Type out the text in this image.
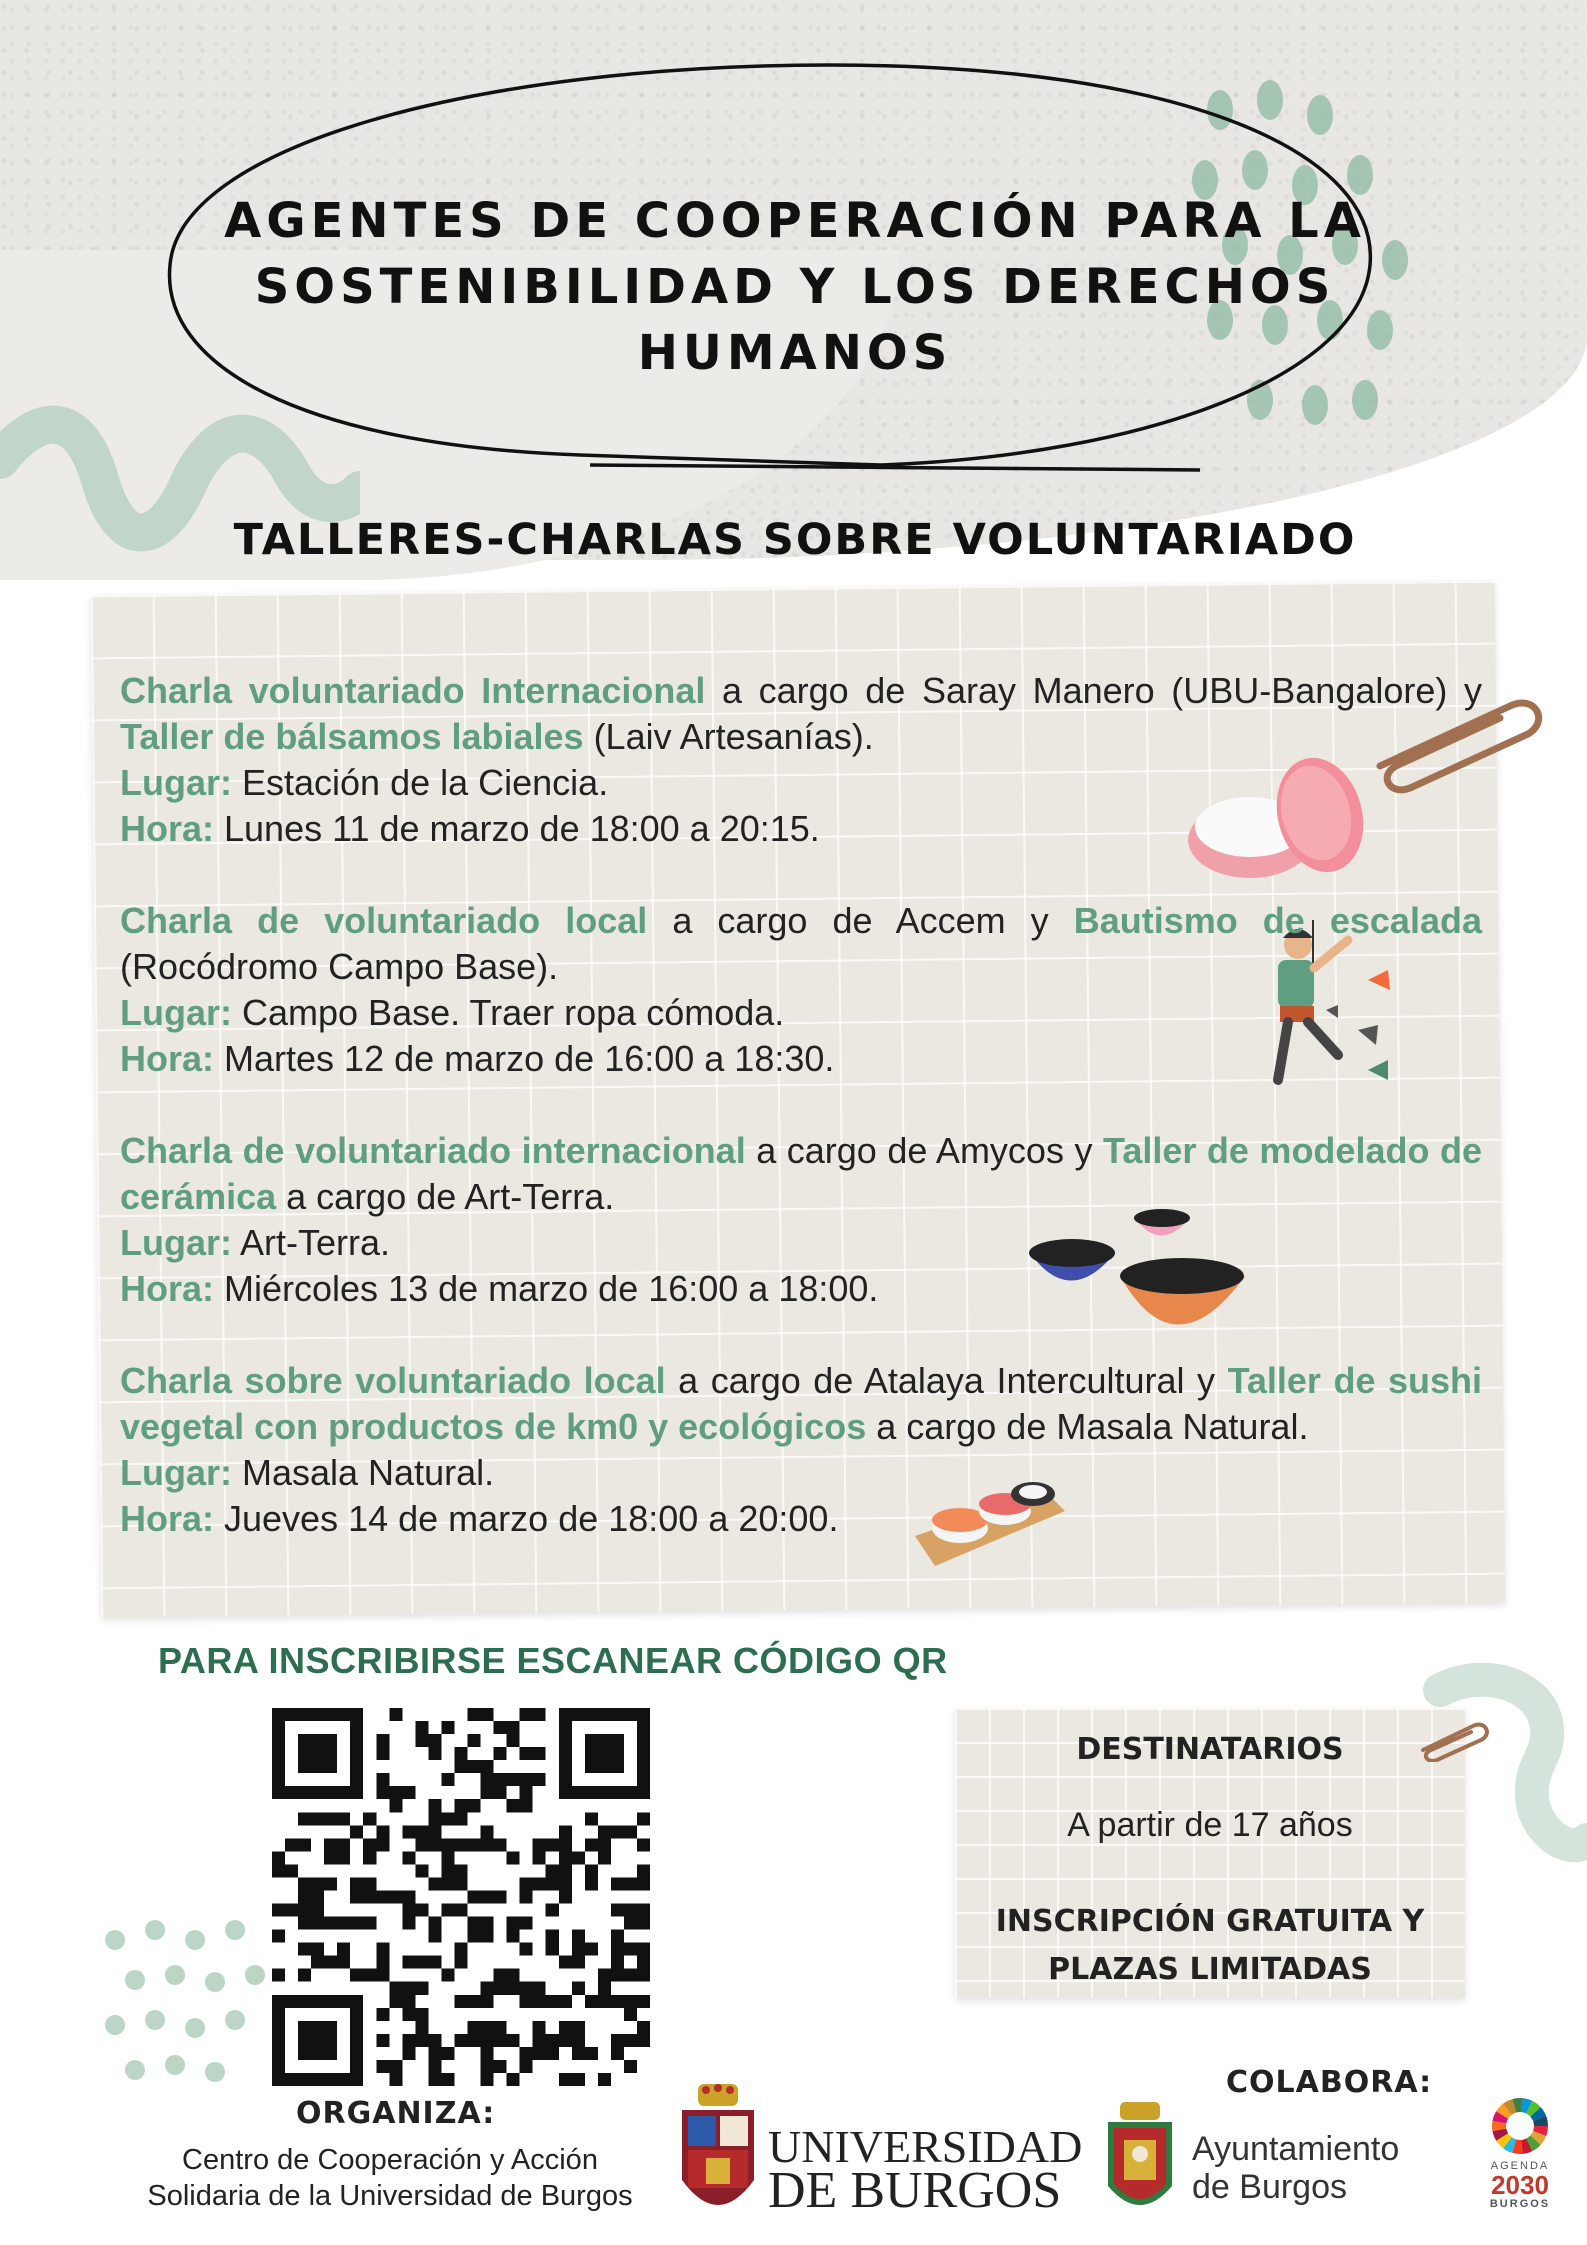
AGENTES DE COOPERACIÓN PARA LA
SOSTENIBILIDAD Y LOS DERECHOS
HUMANOS
TALLERES-CHARLAS SOBRE VOLUNTARIADO
Charla voluntariado Internacional a cargo de Saray Manero (UBU-Bangalore) y Taller de bálsamos labiales (Laiv Artesanías).
Lugar: Estación de la Ciencia.
Hora: Lunes 11 de marzo de 18:00 a 20:15.
Charla de voluntariado local a cargo de Accem y Bautismo de escalada (Rocódromo Campo Base).
Lugar: Campo Base. Traer ropa cómoda.
Hora: Martes 12 de marzo de 16:00 a 18:30.
Charla de voluntariado internacional a cargo de Amycos y Taller de modelado de cerámica a cargo de Art-Terra.
Lugar: Art-Terra.
Hora: Miércoles 13 de marzo de 16:00 a 18:00.
Charla sobre voluntariado local a cargo de Atalaya Intercultural y Taller de sushi vegetal con productos de km0 y ecológicos a cargo de Masala Natural.
Lugar: Masala Natural.
Hora: Jueves 14 de marzo de 18:00 a 20:00.
PARA INSCRIBIRSE ESCANEAR CÓDIGO QR
DESTINATARIOS
A partir de 17 años
INSCRIPCIÓN GRATUITA Y
PLAZAS LIMITADAS
ORGANIZA:
Centro de Cooperación y Acción
Solidaria de la Universidad de Burgos
UNIVERSIDAD
DE BURGOS
COLABORA:
Ayuntamiento
de Burgos
AGENDA
2030
BURGOS
